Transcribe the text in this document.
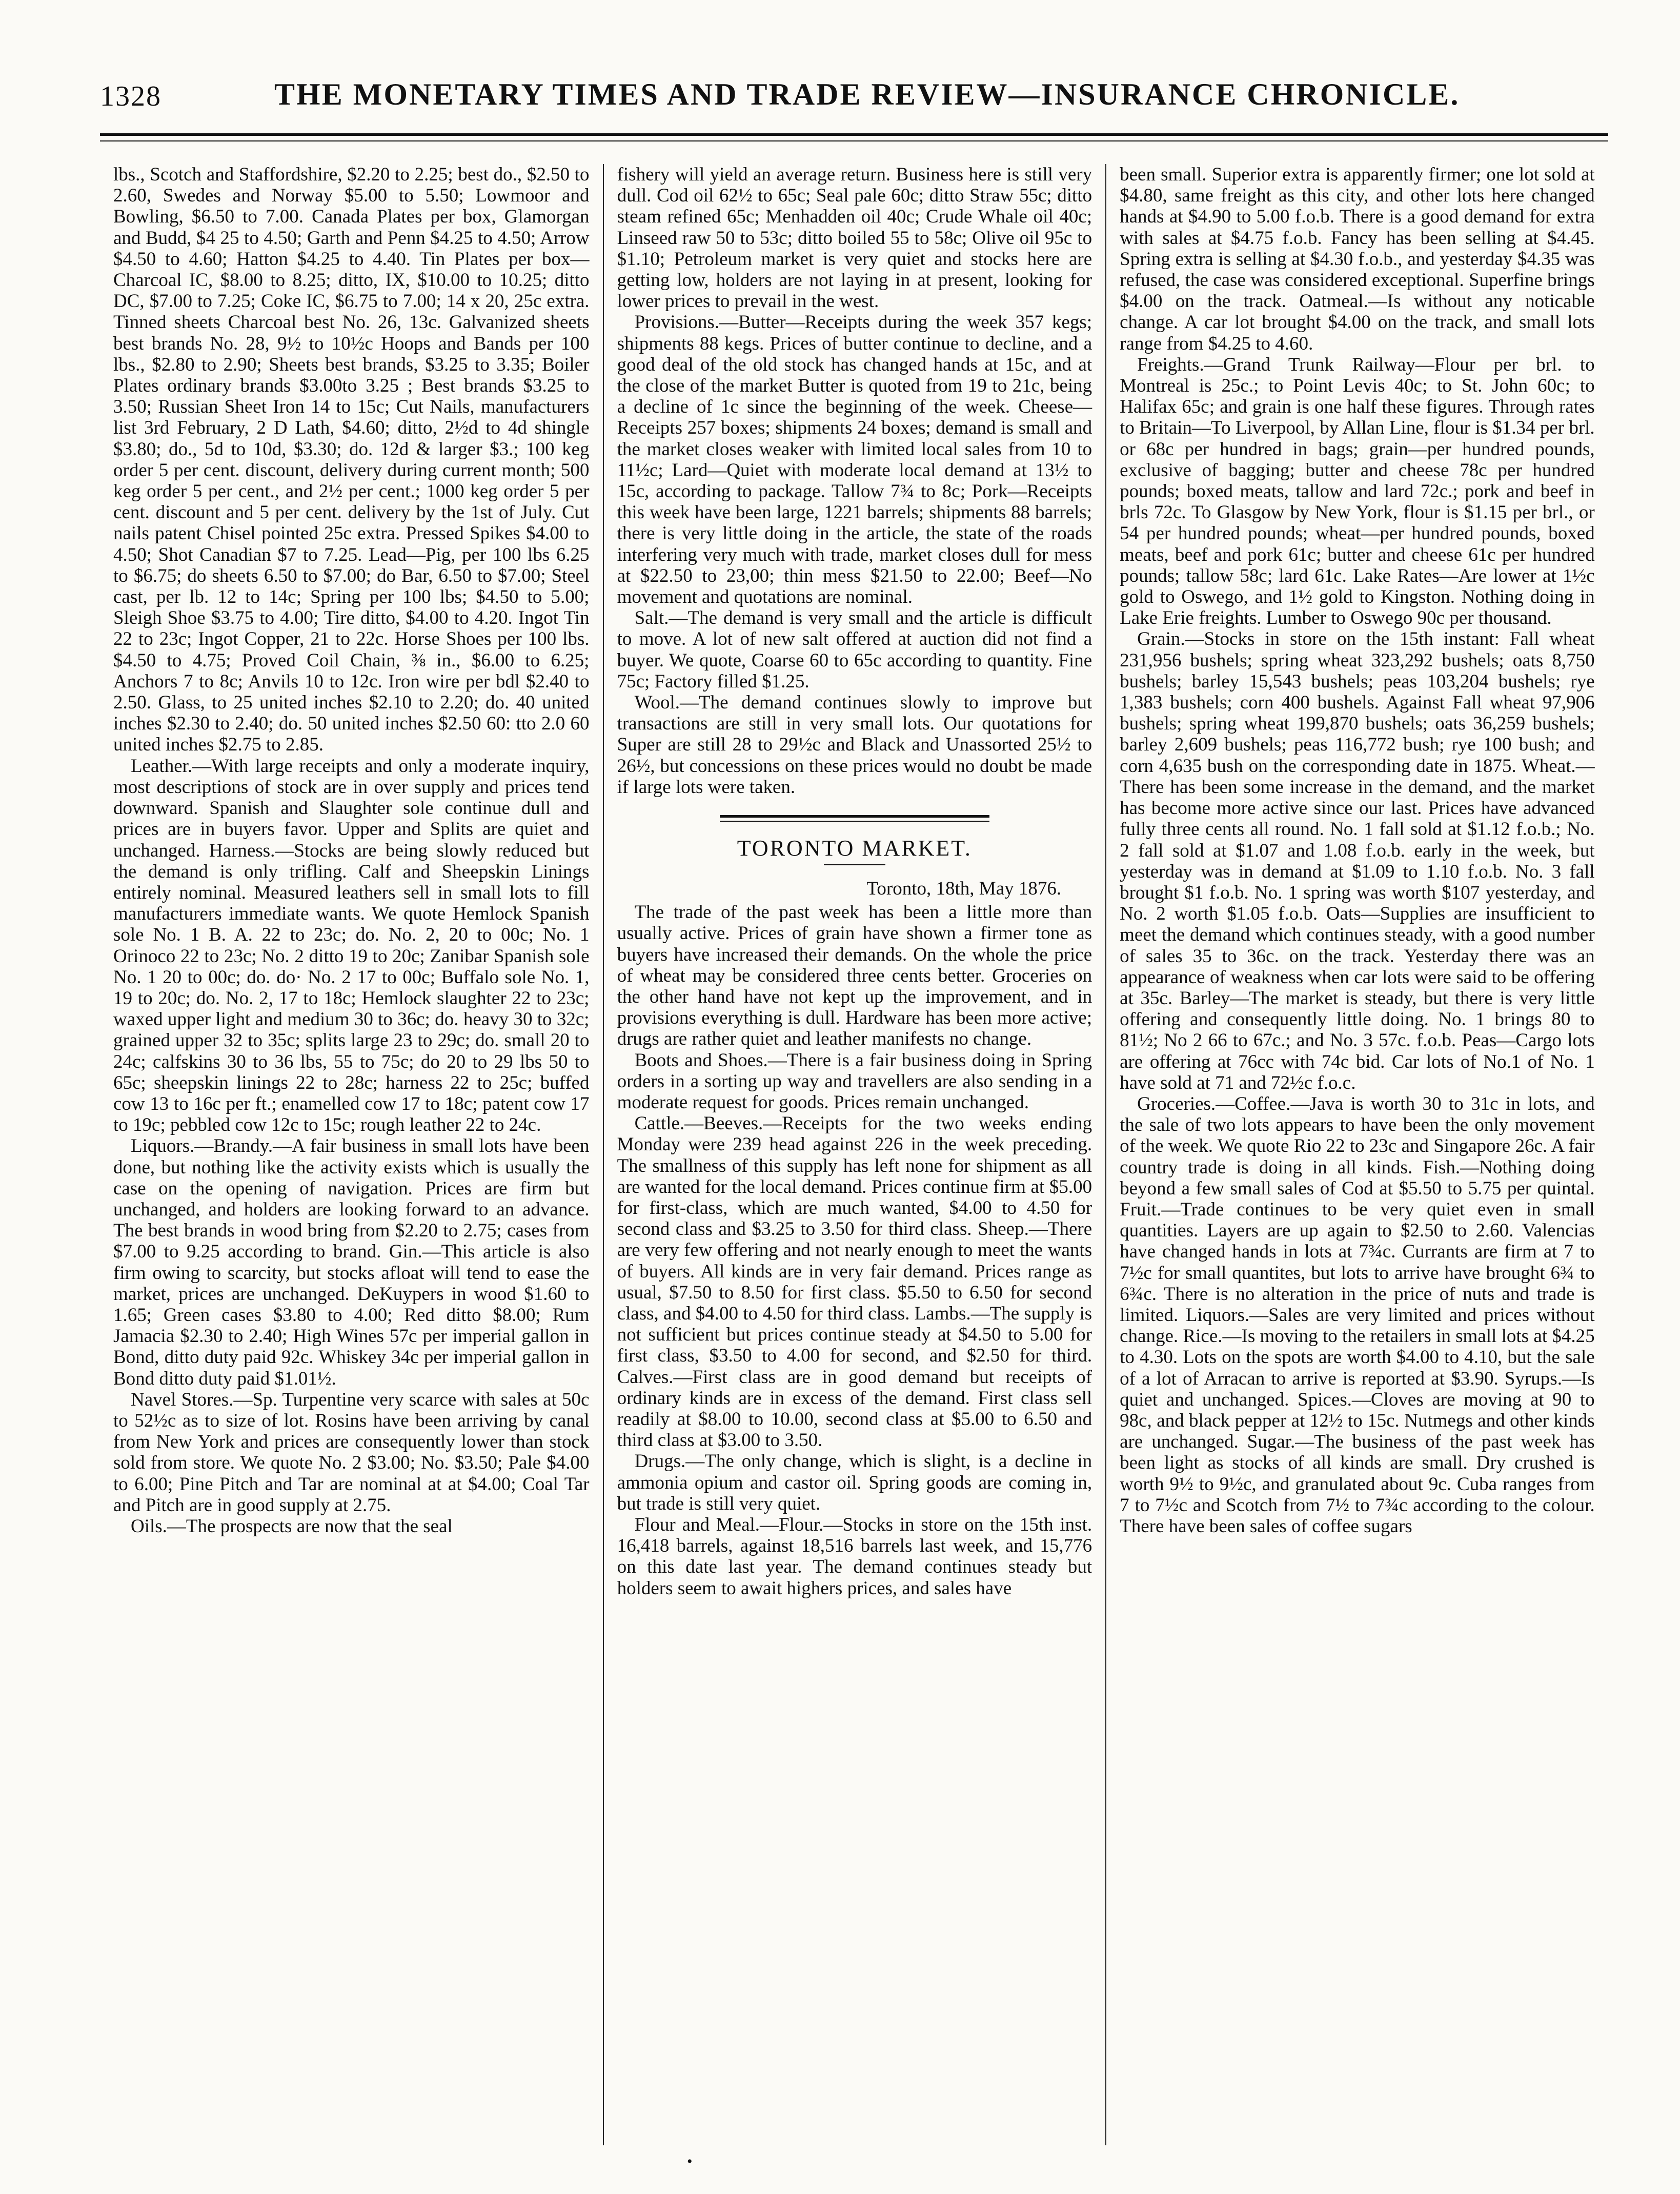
1328	THE MONETARY TIMES AND TRADE REVIEW—INSURANCE CHRONICLE.

lbs., Scotch and Staffordshire, $2.20 to 2.25; best do., $2.50 to 2.60, Swedes and Norway $5.00 to 5.50; Lowmoor and Bowling, $6.50 to 7.00. Canada Plates per box, Glamorgan and Budd, $4 25 to 4.50; Garth and Penn $4.25 to 4.50; Arrow $4.50 to 4.60; Hatton $4.25 to 4.40. Tin Plates per box—Charcoal IC, $8.00 to 8.25; ditto, IX, $10.00 to 10.25; ditto DC, $7.00 to 7.25; Coke IC, $6.75 to 7.00; 14 x 20, 25c extra. Tinned sheets Charcoal best No. 26, 13c. Galvanized sheets best brands No. 28, 9½ to 10½c Hoops and Bands per 100 lbs., $2.80 to 2.90; Sheets best brands, $3.25 to 3.35; Boiler Plates ordinary brands $3.00to 3.25 ; Best brands $3.25 to 3.50; Russian Sheet Iron 14 to 15c; Cut Nails, manufacturers list 3rd February, 2 D Lath, $4.60; ditto, 2½d to 4d shingle $3.80; do., 5d to 10d, $3.30; do. 12d & larger $3.; 100 keg order 5 per cent. discount, delivery during current month; 500 keg order 5 per cent., and 2½ per cent.; 1000 keg order 5 per cent. discount and 5 per cent. delivery by the 1st of July. Cut nails patent Chisel pointed 25c extra. Pressed Spikes $4.00 to 4.50; Shot Canadian $7 to 7.25. Lead—Pig, per 100 lbs 6.25 to $6.75; do sheets 6.50 to $7.00; do Bar, 6.50 to $7.00; Steel cast, per lb. 12 to 14c; Spring per 100 lbs; $4.50 to 5.00; Sleigh Shoe $3.75 to 4.00; Tire ditto, $4.00 to 4.20. Ingot Tin 22 to 23c; Ingot Copper, 21 to 22c. Horse Shoes per 100 lbs. $4.50 to 4.75; Proved Coil Chain, ⅜ in., $6.00 to 6.25; Anchors 7 to 8c; Anvils 10 to 12c. Iron wire per bdl $2.40 to 2.50. Glass, to 25 united inches $2.10 to 2.20; do. 40 united inches $2.30 to 2.40; do. 50 united inches $2.50 60: tto 2.0 60 united inches $2.75 to 2.85.

Leather.—With large receipts and only a moderate inquiry, most descriptions of stock are in over supply and prices tend downward. Spanish and Slaughter sole continue dull and prices are in buyers favor. Upper and Splits are quiet and unchanged. Harness.—Stocks are being slowly reduced but the demand is only trifling. Calf and Sheepskin Linings entirely nominal. Measured leathers sell in small lots to fill manufacturers immediate wants. We quote Hemlock Spanish sole No. 1 B. A. 22 to 23c; do. No. 2, 20 to 00c; No. 1 Orinoco 22 to 23c; No. 2 ditto 19 to 20c; Zanibar Spanish sole No. 1 20 to 00c; do. do· No. 2 17 to 00c; Buffalo sole No. 1, 19 to 20c; do. No. 2, 17 to 18c; Hemlock slaughter 22 to 23c; waxed upper light and medium 30 to 36c; do. heavy 30 to 32c; grained upper 32 to 35c; splits large 23 to 29c; do. small 20 to 24c; calfskins 30 to 36 lbs, 55 to 75c; do 20 to 29 lbs 50 to 65c; sheepskin linings 22 to 28c; harness 22 to 25c; buffed cow 13 to 16c per ft.; enamelled cow 17 to 18c; patent cow 17 to 19c; pebbled cow 12c to 15c; rough leather 22 to 24c.

Liquors.—Brandy.—A fair business in small lots have been done, but nothing like the activity exists which is usually the case on the opening of navigation. Prices are firm but unchanged, and holders are looking forward to an advance. The best brands in wood bring from $2.20 to 2.75; cases from $7.00 to 9.25 according to brand. Gin.—This article is also firm owing to scarcity, but stocks afloat will tend to ease the market, prices are unchanged. DeKuypers in wood $1.60 to 1.65; Green cases $3.80 to 4.00; Red ditto $8.00; Rum Jamacia $2.30 to 2.40; High Wines 57c per imperial gallon in Bond, ditto duty paid 92c. Whiskey 34c per imperial gallon in Bond ditto duty paid $1.01½.

Navel Stores.—Sp. Turpentine very scarce with sales at 50c to 52½c as to size of lot. Rosins have been arriving by canal from New York and prices are consequently lower than stock sold from store. We quote No. 2 $3.00; No. $3.50; Pale $4.00 to 6.00; Pine Pitch and Tar are nominal at at $4.00; Coal Tar and Pitch are in good supply at 2.75.

Oils.—The prospects are now that the seal

fishery will yield an average return. Business here is still very dull. Cod oil 62½ to 65c; Seal pale 60c; ditto Straw 55c; ditto steam refined 65c; Menhadden oil 40c; Crude Whale oil 40c; Linseed raw 50 to 53c; ditto boiled 55 to 58c; Olive oil 95c to $1.10; Petroleum market is very quiet and stocks here are getting low, holders are not laying in at present, looking for lower prices to prevail in the west.

Provisions.—Butter—Receipts during the week 357 kegs; shipments 88 kegs. Prices of butter continue to decline, and a good deal of the old stock has changed hands at 15c, and at the close of the market Butter is quoted from 19 to 21c, being a decline of 1c since the beginning of the week. Cheese—Receipts 257 boxes; shipments 24 boxes; demand is small and the market closes weaker with limited local sales from 10 to 11½c; Lard—Quiet with moderate local demand at 13½ to 15c, according to package. Tallow 7¾ to 8c; Pork—Receipts this week have been large, 1221 barrels; shipments 88 barrels; there is very little doing in the article, the state of the roads interfering very much with trade, market closes dull for mess at $22.50 to 23,00; thin mess $21.50 to 22.00; Beef—No movement and quotations are nominal.

Salt.—The demand is very small and the article is difficult to move. A lot of new salt offered at auction did not find a buyer. We quote, Coarse 60 to 65c according to quantity. Fine 75c; Factory filled $1.25.

Wool.—The demand continues slowly to improve but transactions are still in very small lots. Our quotations for Super are still 28 to 29½c and Black and Unassorted 25½ to 26½, but concessions on these prices would no doubt be made if large lots were taken.

TORONTO MARKET.
Toronto, 18th, May 1876.

The trade of the past week has been a little more than usually active. Prices of grain have shown a firmer tone as buyers have increased their demands. On the whole the price of wheat may be considered three cents better. Groceries on the other hand have not kept up the improvement, and in provisions everything is dull. Hardware has been more active; drugs are rather quiet and leather manifests no change.

Boots and Shoes.—There is a fair business doing in Spring orders in a sorting up way and travellers are also sending in a moderate request for goods. Prices remain unchanged.

Cattle.—Beeves.—Receipts for the two weeks ending Monday were 239 head against 226 in the week preceding. The smallness of this supply has left none for shipment as all are wanted for the local demand. Prices continue firm at $5.00 for first-class, which are much wanted, $4.00 to 4.50 for second class and $3.25 to 3.50 for third class. Sheep.—There are very few offering and not nearly enough to meet the wants of buyers. All kinds are in very fair demand. Prices range as usual, $7.50 to 8.50 for first class. $5.50 to 6.50 for second class, and $4.00 to 4.50 for third class. Lambs.—The supply is not sufficient but prices continue steady at $4.50 to 5.00 for first class, $3.50 to 4.00 for second, and $2.50 for third. Calves.—First class are in good demand but receipts of ordinary kinds are in excess of the demand. First class sell readily at $8.00 to 10.00, second class at $5.00 to 6.50 and third class at $3.00 to 3.50.

Drugs.—The only change, which is slight, is a decline in ammonia opium and castor oil. Spring goods are coming in, but trade is still very quiet.

Flour and Meal.—Flour.—Stocks in store on the 15th inst. 16,418 barrels, against 18,516 barrels last week, and 15,776 on this date last year. The demand continues steady but holders seem to await highers prices, and sales have

been small. Superior extra is apparently firmer; one lot sold at $4.80, same freight as this city, and other lots here changed hands at $4.90 to 5.00 f.o.b. There is a good demand for extra with sales at $4.75 f.o.b. Fancy has been selling at $4.45. Spring extra is selling at $4.30 f.o.b., and yesterday $4.35 was refused, the case was considered exceptional. Superfine brings $4.00 on the track. Oatmeal.—Is without any noticable change. A car lot brought $4.00 on the track, and small lots range from $4.25 to 4.60.

Freights.—Grand Trunk Railway—Flour per brl. to Montreal is 25c.; to Point Levis 40c; to St. John 60c; to Halifax 65c; and grain is one half these figures. Through rates to Britain—To Liverpool, by Allan Line, flour is $1.34 per brl. or 68c per hundred in bags; grain—per hundred pounds, exclusive of bagging; butter and cheese 78c per hundred pounds; boxed meats, tallow and lard 72c.; pork and beef in brls 72c. To Glasgow by New York, flour is $1.15 per brl., or 54 per hundred pounds; wheat—per hundred pounds, boxed meats, beef and pork 61c; butter and cheese 61c per hundred pounds; tallow 58c; lard 61c. Lake Rates—Are lower at 1½c gold to Oswego, and 1½ gold to Kingston. Nothing doing in Lake Erie freights. Lumber to Oswego 90c per thousand.

Grain.—Stocks in store on the 15th instant: Fall wheat 231,956 bushels; spring wheat 323,292 bushels; oats 8,750 bushels; barley 15,543 bushels; peas 103,204 bushels; rye 1,383 bushels; corn 400 bushels. Against Fall wheat 97,906 bushels; spring wheat 199,870 bushels; oats 36,259 bushels; barley 2,609 bushels; peas 116,772 bush; rye 100 bush; and corn 4,635 bush on the corresponding date in 1875. Wheat.—There has been some increase in the demand, and the market has become more active since our last. Prices have advanced fully three cents all round. No. 1 fall sold at $1.12 f.o.b.; No. 2 fall sold at $1.07 and 1.08 f.o.b. early in the week, but yesterday was in demand at $1.09 to 1.10 f.o.b. No. 3 fall brought $1 f.o.b. No. 1 spring was worth $107 yesterday, and No. 2 worth $1.05 f.o.b. Oats—Supplies are insufficient to meet the demand which continues steady, with a good number of sales 35 to 36c. on the track. Yesterday there was an appearance of weakness when car lots were said to be offering at 35c. Barley—The market is steady, but there is very little offering and consequently little doing. No. 1 brings 80 to 81½; No 2 66 to 67c.; and No. 3 57c. f.o.b. Peas—Cargo lots are offering at 76cc with 74c bid. Car lots of No.1 of No. 1 have sold at 71 and 72½c f.o.c.

Groceries.—Coffee.—Java is worth 30 to 31c in lots, and the sale of two lots appears to have been the only movement of the week. We quote Rio 22 to 23c and Singapore 26c. A fair country trade is doing in all kinds. Fish.—Nothing doing beyond a few small sales of Cod at $5.50 to 5.75 per quintal. Fruit.—Trade continues to be very quiet even in small quantities. Layers are up again to $2.50 to 2.60. Valencias have changed hands in lots at 7¾c. Currants are firm at 7 to 7½c for small quantites, but lots to arrive have brought 6¾ to 6¾c. There is no alteration in the price of nuts and trade is limited. Liquors.—Sales are very limited and prices without change. Rice.—Is moving to the retailers in small lots at $4.25 to 4.30. Lots on the spots are worth $4.00 to 4.10, but the sale of a lot of Arracan to arrive is reported at $3.90. Syrups.—Is quiet and unchanged. Spices.—Cloves are moving at 90 to 98c, and black pepper at 12½ to 15c. Nutmegs and other kinds are unchanged. Sugar.—The business of the past week has been light as stocks of all kinds are small. Dry crushed is worth 9½ to 9½c, and granulated about 9c. Cuba ranges from 7 to 7½c and Scotch from 7½ to 7¾c according to the colour. There have been sales of coffee sugars

•
